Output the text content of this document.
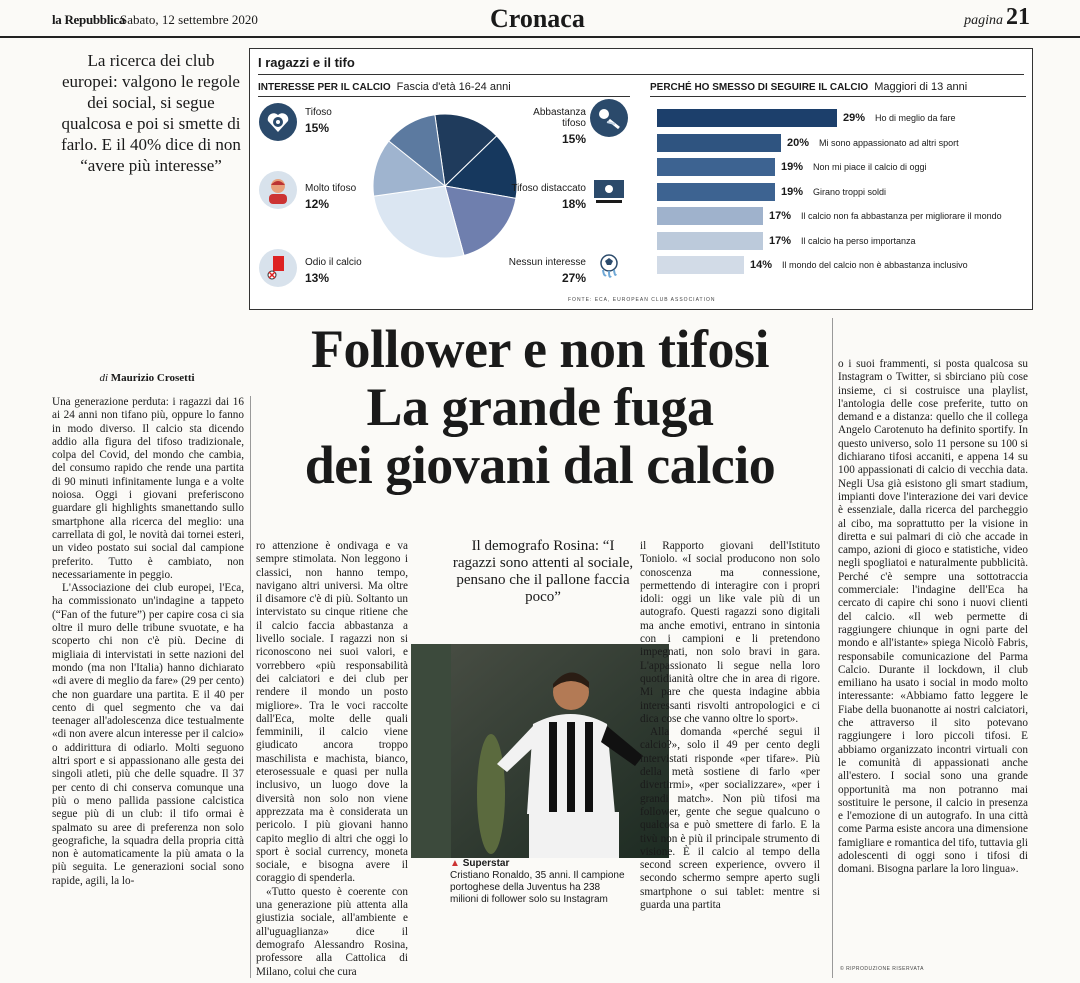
la Repubblica
Sabato, 12 settembre 2020	Cronaca	pagina 21
La ricerca dei club europei: valgono le regole dei social, si segue qualcosa e poi si smette di farlo. E il 40% dice di non “avere più interesse”
I ragazzi e il tifo
INTERESSE PER IL CALCIO Fascia d'età 16-24 anni	PERCHÉ HO SMESSO DI SEGUIRE IL CALCIO Maggiori di 13 anni
Tifoso
15%
Abbastanza tifoso
15%
Molto tifoso
12%
Tifoso distaccato
18%
Odio il calcio
13%
Nessun interesse
27%
29% Ho di meglio da fare
20% Mi sono appassionato ad altri sport
19% Non mi piace il calcio di oggi
19% Girano troppi soldi
17% Il calcio non fa abbastanza per migliorare il mondo
17% Il calcio ha perso importanza
14% Il mondo del calcio non è abbastanza inclusivo
FONTE: ECA, EUROPEAN CLUB ASSOCIATION
Follower e non tifosi
La grande fuga
dei giovani dal calcio
di Maurizio Crosetti

Una generazione perduta: i ragazzi dai 16 ai 24 anni non tifano più, oppure lo fanno in modo diverso. Il calcio sta dicendo addio alla figura del tifoso tradizionale, colpa del Covid, del mondo che cambia, del consumo rapido che rende una partita di 90 minuti infinitamente lunga e a volte noiosa. Oggi i giovani preferiscono guardare gli highlights smanettando sullo smartphone alla ricerca del meglio: una carrellata di gol, le novità dai tornei esteri, un video postato sui social dal campione preferito. Tutto è cambiato, non necessariamente in peggio.

L'Associazione dei club europei, l'Eca, ha commissionato un'indagine a tappeto (“Fan of the future”) per capire cosa ci sia oltre il muro delle tribune svuotate, e ha scoperto chi non c'è più. Decine di migliaia di intervistati in sette nazioni del mondo (ma non l'Italia) hanno dichiarato «di avere di meglio da fare» (29 per cento) che non guardare una partita. E il 40 per cento di quel segmento che va dai teenager all'adolescenza dice testualmente «di non avere alcun interesse per il calcio» o addirittura di odiarlo. Molti seguono altri sport e si appassionano alle gesta dei singoli atleti, più che delle squadre. Il 37 per cento di chi conserva comunque una più o meno pallida passione calcistica segue più di un club: il tifo ormai è spalmato su aree di preferenza non solo geografiche, la squadra della propria città non è automaticamente la più amata o la più seguita. Le generazioni social sono rapide, agili, la lo-

ro attenzione è ondivaga e va sempre stimolata. Non leggono i classici, non hanno tempo, navigano altri universi. Ma oltre il disamore c'è di più. Soltanto un intervistato su cinque ritiene che il calcio faccia abbastanza a livello sociale. I ragazzi non si riconoscono nei suoi valori, e vorrebbero «più responsabilità dei calciatori e dei club per rendere il mondo un posto migliore». Tra le voci raccolte dall'Eca, molte delle quali femminili, il calcio viene giudicato ancora troppo maschilista e machista, bianco, eterosessuale e quasi per nulla inclusivo, un luogo dove la diversità non solo non viene apprezzata ma è considerata un pericolo. I più giovani hanno capito meglio di altri che oggi lo sport è social currency, moneta sociale, e bisogna avere il coraggio di spenderla.

«Tutto questo è coerente con una generazione più attenta alla giustizia sociale, all'ambiente e all'uguaglianza» dice il demografo Alessandro Rosina, professore alla Cattolica di Milano, colui che cura

Il demografo Rosina: “I ragazzi sono attenti al sociale, pensano che il pallone faccia poco”
▲ Superstar
Cristiano Ronaldo, 35 anni. Il campione portoghese della Juventus ha 238 milioni di follower solo su Instagram

il Rapporto giovani dell'Istituto Toniolo. «I social producono non solo conoscenza ma connessione, permettendo di interagire con i propri idoli: oggi un like vale più di un autografo. Questi ragazzi sono digitali ma anche emotivi, entrano in sintonia con i campioni e li pretendono impegnati, non solo bravi in gara. L'appassionato li segue nella loro quotidianità oltre che in area di rigore. Mi pare che questa indagine abbia interessanti risvolti antropologici e ci dica cose che vanno oltre lo sport».

Alla domanda «perché segui il calcio?», solo il 49 per cento degli intervistati risponde «per tifare». Più della metà sostiene di farlo «per divertirmi», «per socializzare», «per i grandi match». Non più tifosi ma follower, gente che segue qualcuno o qualcosa e può smettere di farlo. E la tivù non è più il principale strumento di visione. È il calcio al tempo della second screen experience, ovvero il secondo schermo sempre aperto sugli smartphone o sui tablet: mentre si guarda una partita

o i suoi frammenti, si posta qualcosa su Instagram o Twitter, si sbirciano più cose insieme, ci si costruisce una playlist, l'antologia delle cose preferite, tutto on demand e a distanza: quello che il collega Angelo Carotenuto ha definito sportify. In questo universo, solo 11 persone su 100 si dichiarano tifosi accaniti, e appena 14 su 100 appassionati di calcio di vecchia data. Negli Usa già esistono gli smart stadium, impianti dove l'interazione dei vari device è essenziale, dalla ricerca del parcheggio al cibo, ma soprattutto per la visione in diretta e sui palmari di ciò che accade in campo, azioni di gioco e statistiche, video negli spogliatoi e naturalmente pubblicità. Perché c'è sempre una sottotraccia commerciale: l'indagine dell'Eca ha cercato di capire chi sono i nuovi clienti del calcio. «Il web permette di raggiungere chiunque in ogni parte del mondo e all'istante» spiega Nicolò Fabris, responsabile comunicazione del Parma Calcio. Durante il lockdown, il club emiliano ha usato i social in modo molto interessante: «Abbiamo fatto leggere le Fiabe della buonanotte ai nostri calciatori, che attraverso il sito potevano raggiungere i loro piccoli tifosi. E abbiamo organizzato incontri virtuali con le comunità di appassionati anche all'estero. I social sono una grande opportunità ma non potranno mai sostituire le persone, il calcio in presenza e l'emozione di un autografo. In una città come Parma esiste ancora una dimensione famigliare e romantica del tifo, tuttavia gli adolescenti di oggi sono i tifosi di domani. Bisogna parlare la loro lingua».

© RIPRODUZIONE RISERVATA
